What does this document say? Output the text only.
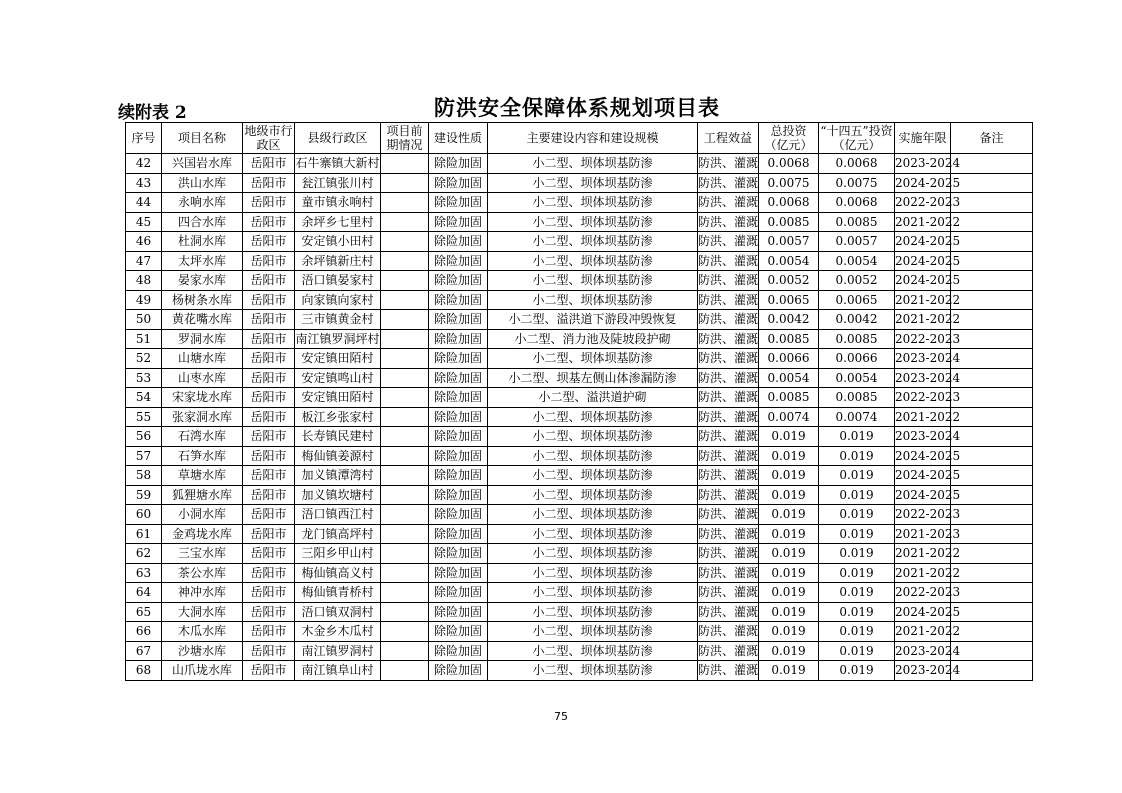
续附表 2	防洪安全保障体系规划项目表
序号	项目名称	地级市行政区	县级行政区	项目前期情况	建设性质	主要建设内容和建设规模	工程效益	总投资（亿元）	“十四五”投资（亿元）	实施年限	备注
42	兴国岩水库	岳阳市	石牛寨镇大新村		除险加固	小二型、坝体坝基防渗	防洪、灌溉	0.0068	0.0068	2023-2024	
43	洪山水库	岳阳市	瓮江镇张川村		除险加固	小二型、坝体坝基防渗	防洪、灌溉	0.0075	0.0075	2024-2025	
44	永响水库	岳阳市	童市镇永响村		除险加固	小二型、坝体坝基防渗	防洪、灌溉	0.0068	0.0068	2022-2023	
45	四合水库	岳阳市	余坪乡七里村		除险加固	小二型、坝体坝基防渗	防洪、灌溉	0.0085	0.0085	2021-2022	
46	杜洞水库	岳阳市	安定镇小田村		除险加固	小二型、坝体坝基防渗	防洪、灌溉	0.0057	0.0057	2024-2025	
47	太坪水库	岳阳市	余坪镇新庄村		除险加固	小二型、坝体坝基防渗	防洪、灌溉	0.0054	0.0054	2024-2025	
48	晏家水库	岳阳市	浯口镇晏家村		除险加固	小二型、坝体坝基防渗	防洪、灌溉	0.0052	0.0052	2024-2025	
49	杨树条水库	岳阳市	向家镇向家村		除险加固	小二型、坝体坝基防渗	防洪、灌溉	0.0065	0.0065	2021-2022	
50	黄花嘴水库	岳阳市	三市镇黄金村		除险加固	小二型、溢洪道下游段冲毁恢复	防洪、灌溉	0.0042	0.0042	2021-2022	
51	罗洞水库	岳阳市	南江镇罗洞坪村		除险加固	小二型、消力池及陡坡段护砌	防洪、灌溉	0.0085	0.0085	2022-2023	
52	山塘水库	岳阳市	安定镇田陌村		除险加固	小二型、坝体坝基防渗	防洪、灌溉	0.0066	0.0066	2023-2024	
53	山枣水库	岳阳市	安定镇鸣山村		除险加固	小二型、坝基左侧山体渗漏防渗	防洪、灌溉	0.0054	0.0054	2023-2024	
54	宋家垅水库	岳阳市	安定镇田陌村		除险加固	小二型、溢洪道护砌	防洪、灌溉	0.0085	0.0085	2022-2023	
55	张家洞水库	岳阳市	板江乡张家村		除险加固	小二型、坝体坝基防渗	防洪、灌溉	0.0074	0.0074	2021-2022	
56	石湾水库	岳阳市	长寿镇民建村		除险加固	小二型、坝体坝基防渗	防洪、灌溉	0.019	0.019	2023-2024	
57	石笋水库	岳阳市	梅仙镇姜源村		除险加固	小二型、坝体坝基防渗	防洪、灌溉	0.019	0.019	2024-2025	
58	草塘水库	岳阳市	加义镇潭湾村		除险加固	小二型、坝体坝基防渗	防洪、灌溉	0.019	0.019	2024-2025	
59	狐狸塘水库	岳阳市	加义镇坎塘村		除险加固	小二型、坝体坝基防渗	防洪、灌溉	0.019	0.019	2024-2025	
60	小洞水库	岳阳市	浯口镇西江村		除险加固	小二型、坝体坝基防渗	防洪、灌溉	0.019	0.019	2022-2023	
61	金鸡垅水库	岳阳市	龙门镇高坪村		除险加固	小二型、坝体坝基防渗	防洪、灌溉	0.019	0.019	2021-2023	
62	三宝水库	岳阳市	三阳乡甲山村		除险加固	小二型、坝体坝基防渗	防洪、灌溉	0.019	0.019	2021-2022	
63	茶公水库	岳阳市	梅仙镇高义村		除险加固	小二型、坝体坝基防渗	防洪、灌溉	0.019	0.019	2021-2022	
64	神冲水库	岳阳市	梅仙镇青桥村		除险加固	小二型、坝体坝基防渗	防洪、灌溉	0.019	0.019	2022-2023	
65	大洞水库	岳阳市	浯口镇双洞村		除险加固	小二型、坝体坝基防渗	防洪、灌溉	0.019	0.019	2024-2025	
66	木瓜水库	岳阳市	木金乡木瓜村		除险加固	小二型、坝体坝基防渗	防洪、灌溉	0.019	0.019	2021-2022	
67	沙塘水库	岳阳市	南江镇罗洞村		除险加固	小二型、坝体坝基防渗	防洪、灌溉	0.019	0.019	2023-2024	
68	山爪垅水库	岳阳市	南江镇阜山村		除险加固	小二型、坝体坝基防渗	防洪、灌溉	0.019	0.019	2023-2024	
75
